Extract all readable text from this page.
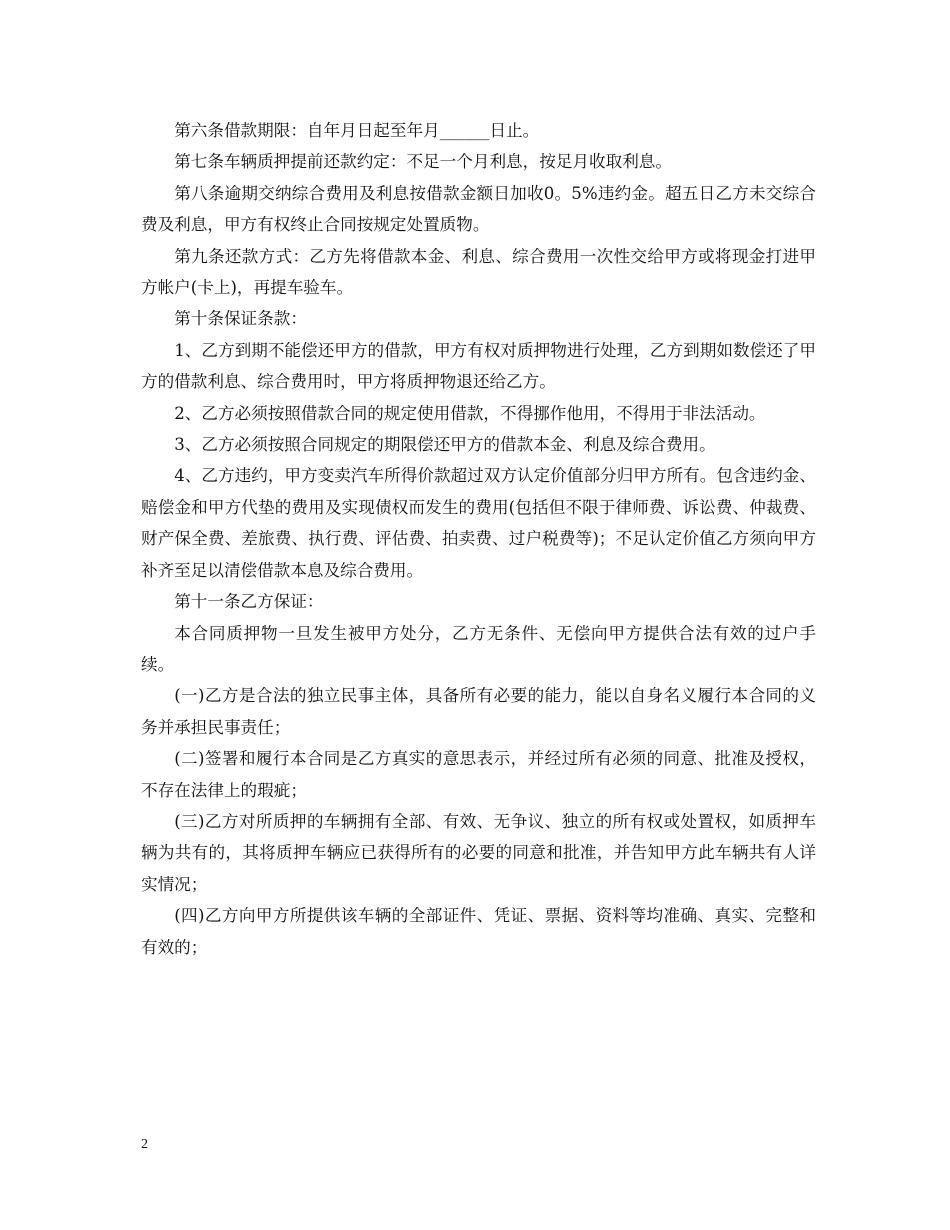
第六条借款期限：自年月日起至年月______日止。

第七条车辆质押提前还款约定：不足一个月利息，按足月收取利息。

第八条逾期交纳综合费用及利息按借款金额日加收0。5%违约金。超五日乙方未交综合费及利息，甲方有权终止合同按规定处置质物。

第九条还款方式：乙方先将借款本金、利息、综合费用一次性交给甲方或将现金打进甲方帐户(卡上)，再提车验车。

第十条保证条款：

1、乙方到期不能偿还甲方的借款，甲方有权对质押物进行处理，乙方到期如数偿还了甲方的借款利息、综合费用时，甲方将质押物退还给乙方。

2、乙方必须按照借款合同的规定使用借款，不得挪作他用，不得用于非法活动。

3、乙方必须按照合同规定的期限偿还甲方的借款本金、利息及综合费用。

4、乙方违约，甲方变卖汽车所得价款超过双方认定价值部分归甲方所有。包含违约金、赔偿金和甲方代垫的费用及实现债权而发生的费用(包括但不限于律师费、诉讼费、仲裁费、财产保全费、差旅费、执行费、评估费、拍卖费、过户税费等)；不足认定价值乙方须向甲方补齐至足以清偿借款本息及综合费用。

第十一条乙方保证：

本合同质押物一旦发生被甲方处分，乙方无条件、无偿向甲方提供合法有效的过户手续。

(一)乙方是合法的独立民事主体，具备所有必要的能力，能以自身名义履行本合同的义务并承担民事责任；

(二)签署和履行本合同是乙方真实的意思表示，并经过所有必须的同意、批准及授权，不存在法律上的瑕疵；

(三)乙方对所质押的车辆拥有全部、有效、无争议、独立的所有权或处置权，如质押车辆为共有的，其将质押车辆应已获得所有的必要的同意和批准，并告知甲方此车辆共有人详实情况；

(四)乙方向甲方所提供该车辆的全部证件、凭证、票据、资料等均准确、真实、完整和有效的；

2
